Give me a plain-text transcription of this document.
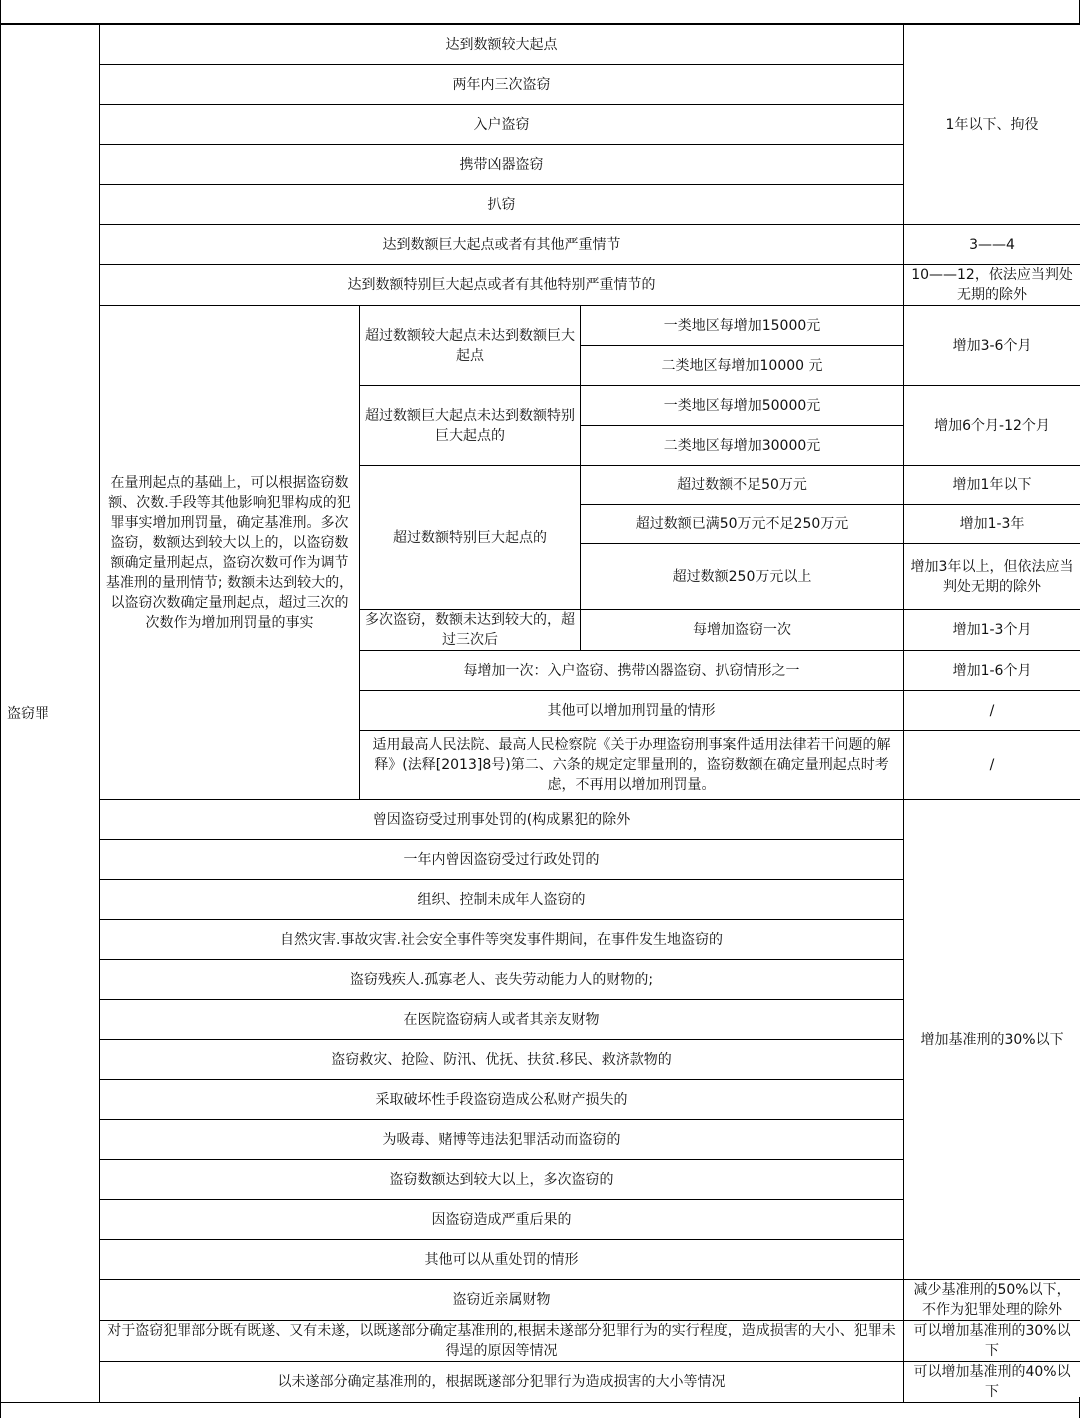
盗窃罪	达到数额较大起点			1年以下、拘役
	两年内三次盗窃			
	入户盗窃			
	携带凶器盗窃			
	扒窃			
	达到数额巨大起点或者有其他严重情节			3——4
	达到数额特别巨大起点或者有其他特别严重情节的			10——12，依法应当判处无期的除外
	在量刑起点的基础上，可以根据盗窃数额、次数.手段等其他影响犯罪构成的犯罪事实增加刑罚量，确定基准刑。多次盗窃，数额达到较大以上的，以盗窃数额确定量刑起点，盗窃次数可作为调节基准刑的量刑情节; 数额未达到较大的，以盗窃次数确定量刑起点，超过三次的次数作为增加刑罚量的事实	超过数额较大起点未达到数额巨大起点	一类地区每增加15000元	增加3-6个月
			二类地区每增加10000 元	
		超过数额巨大起点未达到数额特别巨大起点的	一类地区每增加50000元	增加6个月-12个月
			二类地区每增加30000元	
		超过数额特别巨大起点的	超过数额不足50万元	增加1年以下
			超过数额已满50万元不足250万元	增加1-3年
			超过数额250万元以上	增加3年以上，但依法应当判处无期的除外
		多次盗窃，数额未达到较大的，超过三次后	每增加盗窃一次	增加1-3个月
		每增加一次：入户盗窃、携带凶器盗窃、扒窃情形之一		增加1-6个月
		其他可以增加刑罚量的情形		/
		适用最高人民法院、最高人民检察院《关于办理盗窃刑事案件适用法律若干问题的解释》(法释[2013]8号)第二、六条的规定定罪量刑的，盗窃数额在确定量刑起点时考虑，不再用以增加刑罚量。		/
	曾因盗窃受过刑事处罚的(构成累犯的除外			增加基准刑的30%以下
	一年内曾因盗窃受过行政处罚的			
	组织、控制未成年人盗窃的			
	自然灾害.事故灾害.社会安全事件等突发事件期间，在事件发生地盗窃的			
	盗窃残疾人.孤寡老人、丧失劳动能力人的财物的;			
	在医院盗窃病人或者其亲友财物			
	盗窃救灾、抢险、防汛、优抚、扶贫.移民、救济款物的			
	采取破坏性手段盗窃造成公私财产损失的			
	为吸毒、赌博等违法犯罪活动而盗窃的			
	盗窃数额达到较大以上，多次盗窃的			
	因盗窃造成严重后果的			
	其他可以从重处罚的情形			
	盗窃近亲属财物			减少基准刑的50%以下，不作为犯罪处理的除外
	对于盗窃犯罪部分既有既遂、又有未遂，以既遂部分确定基准刑的,根据未遂部分犯罪行为的实行程度，造成损害的大小、犯罪未得逞的原因等情况			可以增加基准刑的30%以下
	以未遂部分确定基准刑的，根据既遂部分犯罪行为造成损害的大小等情况			可以增加基准刑的40%以下
